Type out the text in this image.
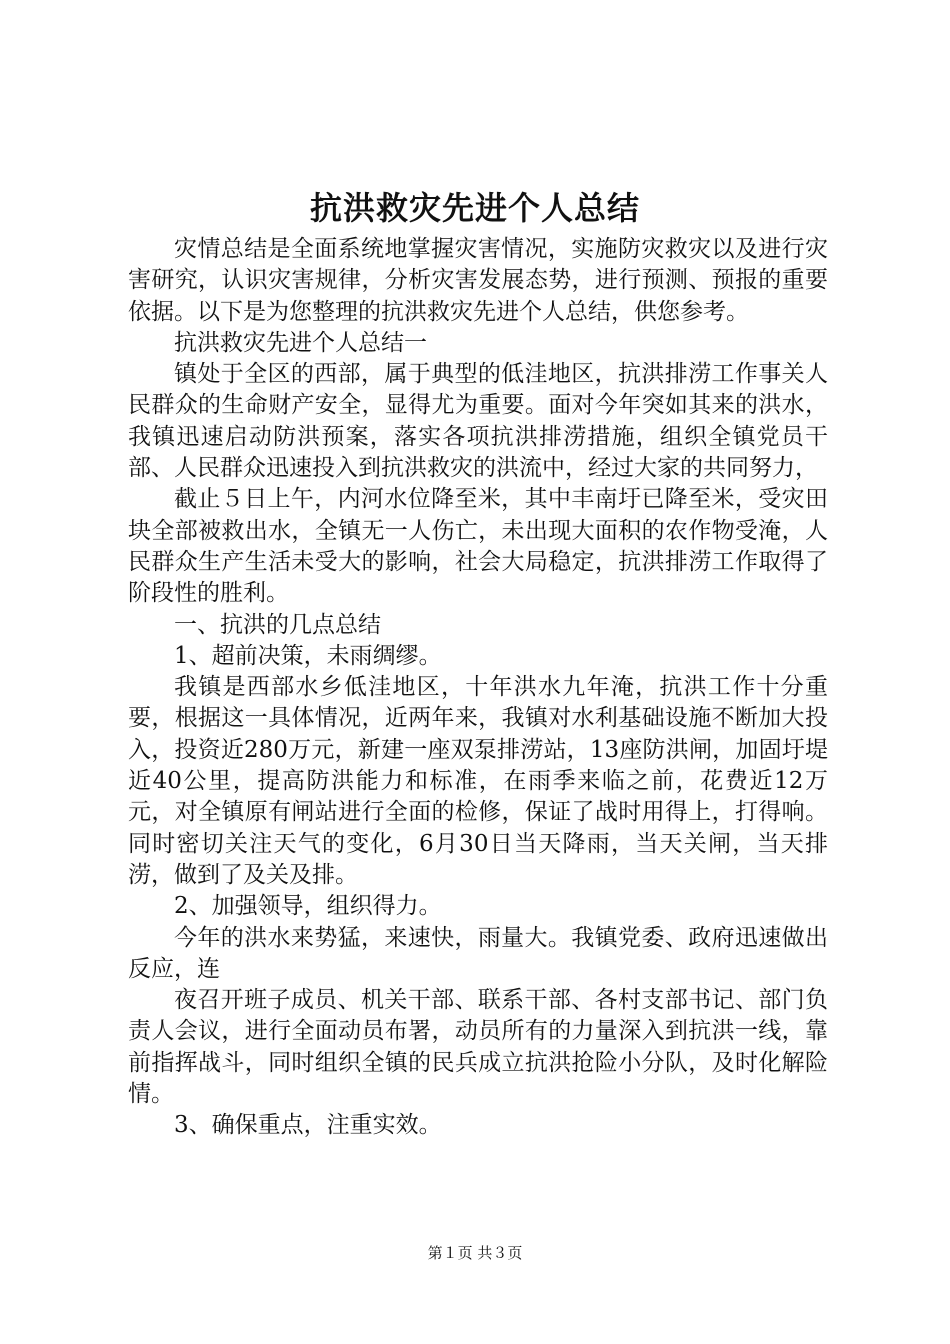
抗洪救灾先进个人总结

灾情总结是全面系统地掌握灾害情况，实施防灾救灾以及进行灾害研究，认识灾害规律，分析灾害发展态势，进行预测、预报的重要依据。以下是为您整理的抗洪救灾先进个人总结，供您参考。

抗洪救灾先进个人总结一

镇处于全区的西部，属于典型的低洼地区，抗洪排涝工作事关人民群众的生命财产安全，显得尤为重要。面对今年突如其来的洪水，我镇迅速启动防洪预案，落实各项抗洪排涝措施，组织全镇党员干部、人民群众迅速投入到抗洪救灾的洪流中，经过大家的共同努力，

截止５日上午，内河水位降至米，其中丰南圩已降至米，受灾田块全部被救出水，全镇无一人伤亡，未出现大面积的农作物受淹，人民群众生产生活未受大的影响，社会大局稳定，抗洪排涝工作取得了阶段性的胜利。

一、抗洪的几点总结

1、超前决策，未雨绸缪。

我镇是西部水乡低洼地区，十年洪水九年淹，抗洪工作十分重要，根据这一具体情况，近两年来，我镇对水利基础设施不断加大投入，投资近280万元，新建一座双泵排涝站，13座防洪闸，加固圩堤近40公里，提高防洪能力和标准，在雨季来临之前，花费近12万元，对全镇原有闸站进行全面的检修，保证了战时用得上，打得响。同时密切关注天气的变化，6月30日当天降雨，当天关闸，当天排涝，做到了及关及排。

2、加强领导，组织得力。

今年的洪水来势猛，来速快，雨量大。我镇党委、政府迅速做出反应，连

夜召开班子成员、机关干部、联系干部、各村支部书记、部门负责人会议，进行全面动员布署，动员所有的力量深入到抗洪一线，靠前指挥战斗，同时组织全镇的民兵成立抗洪抢险小分队，及时化解险情。

3、确保重点，注重实效。

第１页 共３页
